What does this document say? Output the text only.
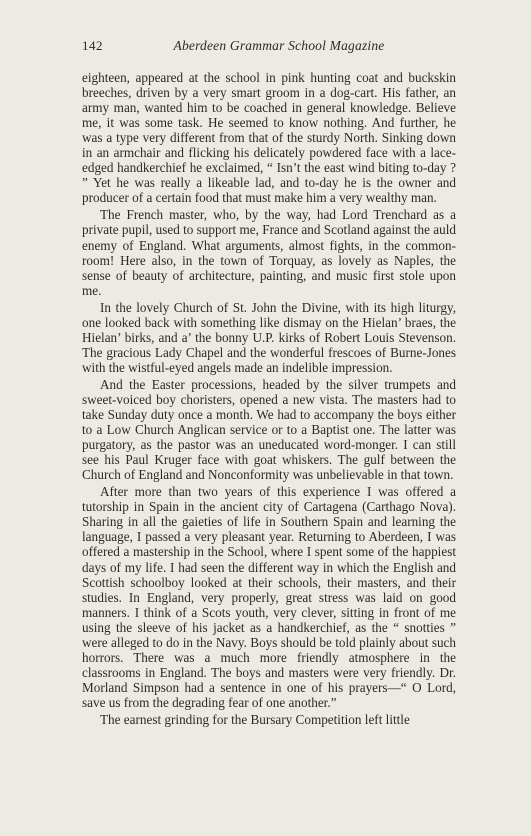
142	Aberdeen Grammar School Magazine

eighteen, appeared at the school in pink hunting coat and buckskin breeches, driven by a very smart groom in a dog-cart. His father, an army man, wanted him to be coached in general knowledge. Believe me, it was some task. He seemed to know nothing. And further, he was a type very different from that of the sturdy North. Sinking down in an armchair and flicking his delicately powdered face with a lace-edged handkerchief he exclaimed, “ Isn’t the east wind biting to-day ? ” Yet he was really a likeable lad, and to-day he is the owner and producer of a certain food that must make him a very wealthy man.

The French master, who, by the way, had Lord Trenchard as a private pupil, used to support me, France and Scotland against the auld enemy of England. What arguments, almost fights, in the common-room! Here also, in the town of Torquay, as lovely as Naples, the sense of beauty of architecture, painting, and music first stole upon me.

In the lovely Church of St. John the Divine, with its high liturgy, one looked back with something like dismay on the Hielan’ braes, the Hielan’ birks, and a’ the bonny U.P. kirks of Robert Louis Stevenson. The gracious Lady Chapel and the wonderful frescoes of Burne-Jones with the wistful-eyed angels made an indelible impression.

And the Easter processions, headed by the silver trumpets and sweet-voiced boy choristers, opened a new vista. The masters had to take Sunday duty once a month. We had to accompany the boys either to a Low Church Anglican service or to a Baptist one. The latter was purgatory, as the pastor was an uneducated word-monger. I can still see his Paul Kruger face with goat whiskers. The gulf between the Church of England and Nonconformity was unbelievable in that town.

After more than two years of this experience I was offered a tutorship in Spain in the ancient city of Cartagena (Carthago Nova). Sharing in all the gaieties of life in Southern Spain and learning the language, I passed a very pleasant year. Returning to Aberdeen, I was offered a mastership in the School, where I spent some of the happiest days of my life. I had seen the different way in which the English and Scottish schoolboy looked at their schools, their masters, and their studies. In England, very properly, great stress was laid on good manners. I think of a Scots youth, very clever, sitting in front of me using the sleeve of his jacket as a handkerchief, as the “ snotties ” were alleged to do in the Navy. Boys should be told plainly about such horrors. There was a much more friendly atmosphere in the classrooms in England. The boys and masters were very friendly. Dr. Morland Simpson had a sentence in one of his prayers—“ O Lord, save us from the degrading fear of one another.”

The earnest grinding for the Bursary Competition left little
